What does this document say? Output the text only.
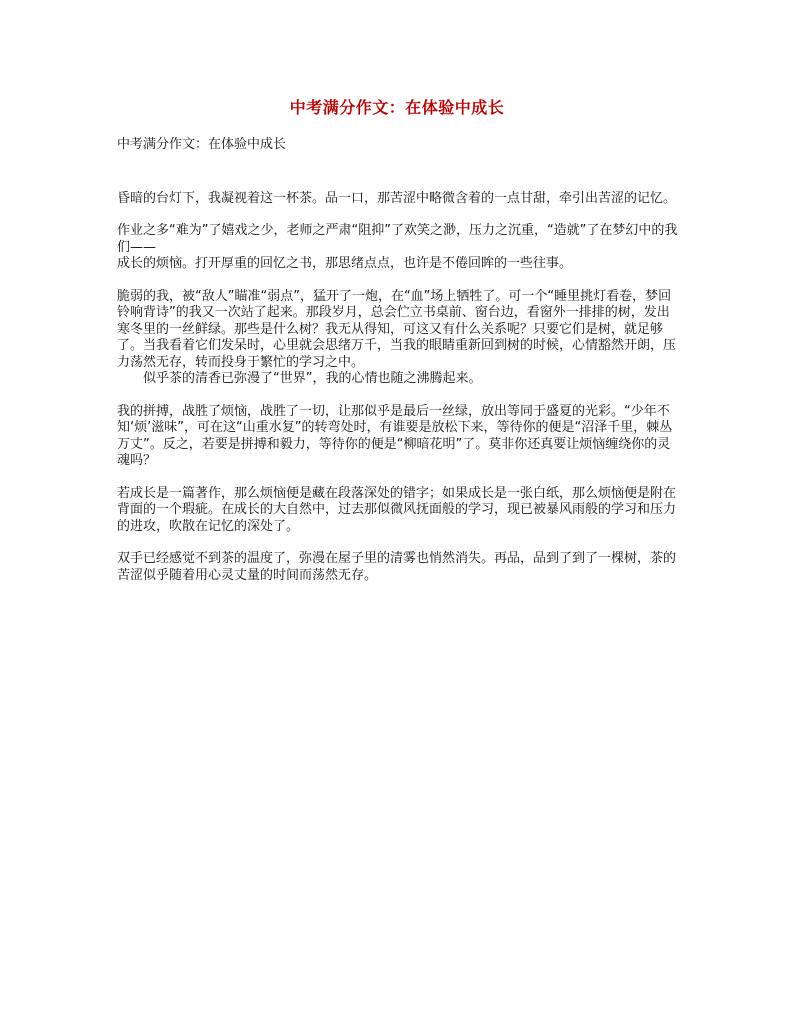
中考满分作文：在体验中成长
中考满分作文：在体验中成长
昏暗的台灯下，我凝视着这一杯茶。品一口，那苦涩中略微含着的一点甘甜，牵引出苦涩的记忆。
作业之多“难为”了嬉戏之少，老师之严肃“阻抑”了欢笑之渺，压力之沉重，“造就”了在梦幻中的我们——
成长的烦恼。打开厚重的回忆之书，那思绪点点，也许是不倦回眸的一些往事。
脆弱的我，被“敌人”瞄准“弱点”，猛开了一炮，在“血”场上牺牲了。可一个“睡里挑灯看卷，梦回铃响背诗”的我又一次站了起来。那段岁月，总会伫立书桌前、窗台边，看窗外一排排的树，发出寒冬里的一丝鲜绿。那些是什么树？我无从得知，可这又有什么关系呢？只要它们是树，就足够了。当我看着它们发呆时，心里就会思绪万千，当我的眼睛重新回到树的时候，心情豁然开朗，压力荡然无存，转而投身于繁忙的学习之中。
似乎茶的清香已弥漫了“世界”，我的心情也随之沸腾起来。
我的拼搏，战胜了烦恼，战胜了一切，让那似乎是最后一丝绿，放出等同于盛夏的光彩。“少年不知‘烦’滋味”，可在这“山重水复”的转弯处时，有谁要是放松下来，等待你的便是“沼泽千里，棘丛万丈”。反之，若要是拼搏和毅力，等待你的便是“柳暗花明”了。莫非你还真要让烦恼缠绕你的灵魂吗？
若成长是一篇著作，那么烦恼便是藏在段落深处的错字；如果成长是一张白纸，那么烦恼便是附在背面的一个瑕疵。在成长的大自然中，过去那似微风抚面般的学习，现已被暴风雨般的学习和压力的进攻，吹散在记忆的深处了。
双手已经感觉不到茶的温度了，弥漫在屋子里的清雾也悄然消失。再品，品到了到了一棵树，茶的苦涩似乎随着用心灵丈量的时间而荡然无存。
